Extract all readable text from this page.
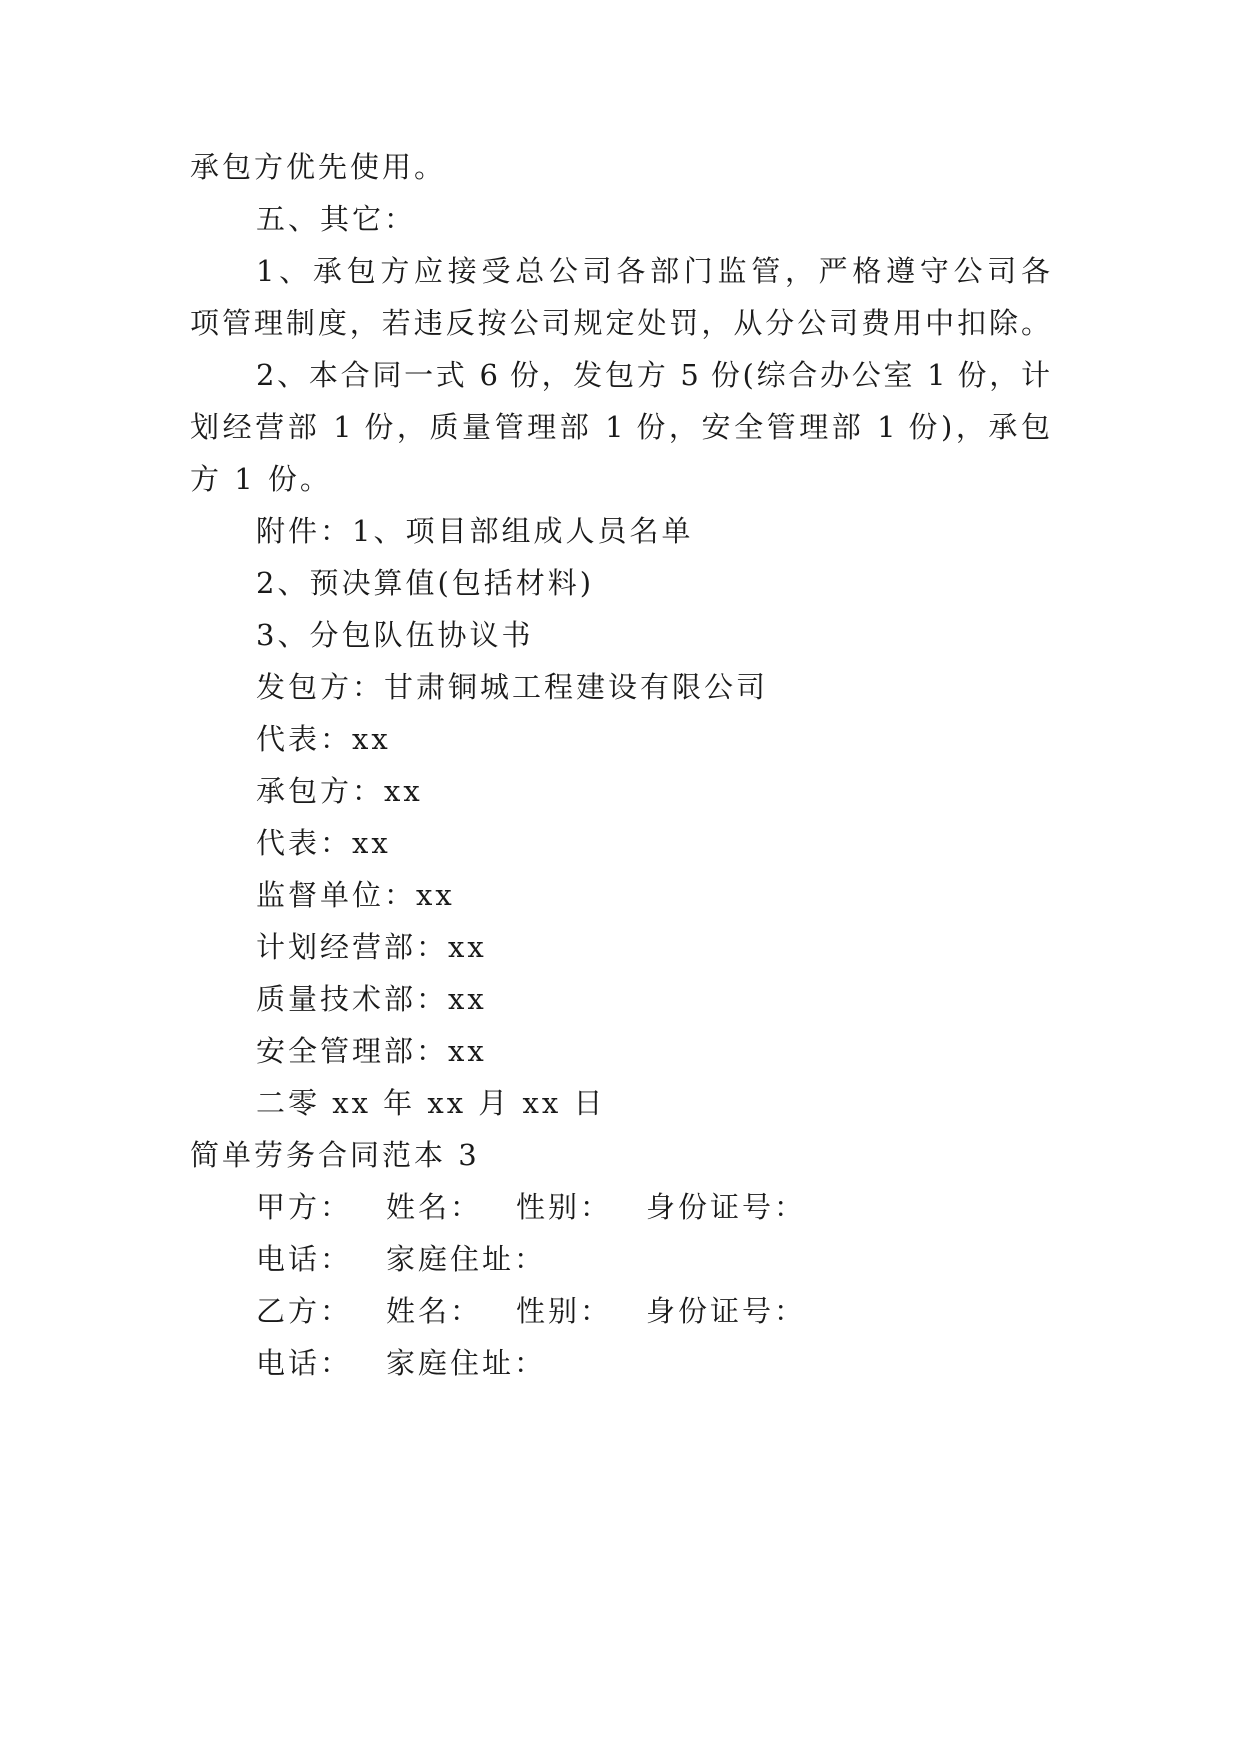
承包方优先使用。
五、其它：
1、承包方应接受总公司各部门监管，严格遵守公司各
项管理制度，若违反按公司规定处罚，从分公司费用中扣除。
2、本合同一式 6 份，发包方 5 份(综合办公室 1 份，计
划经营部 1 份，质量管理部 1 份，安全管理部 1 份)，承包
方 1 份。
附件：1、项目部组成人员名单
2、预决算值(包括材料)
3、分包队伍协议书
发包方：甘肃铜城工程建设有限公司
代表：xx
承包方：xx
代表：xx
监督单位：xx
计划经营部：xx
质量技术部：xx
安全管理部：xx
二零 xx 年 xx 月 xx 日
简单劳务合同范本 3
甲方： 姓名： 性别： 身份证号：
电话： 家庭住址：
乙方： 姓名： 性别： 身份证号：
电话： 家庭住址：
